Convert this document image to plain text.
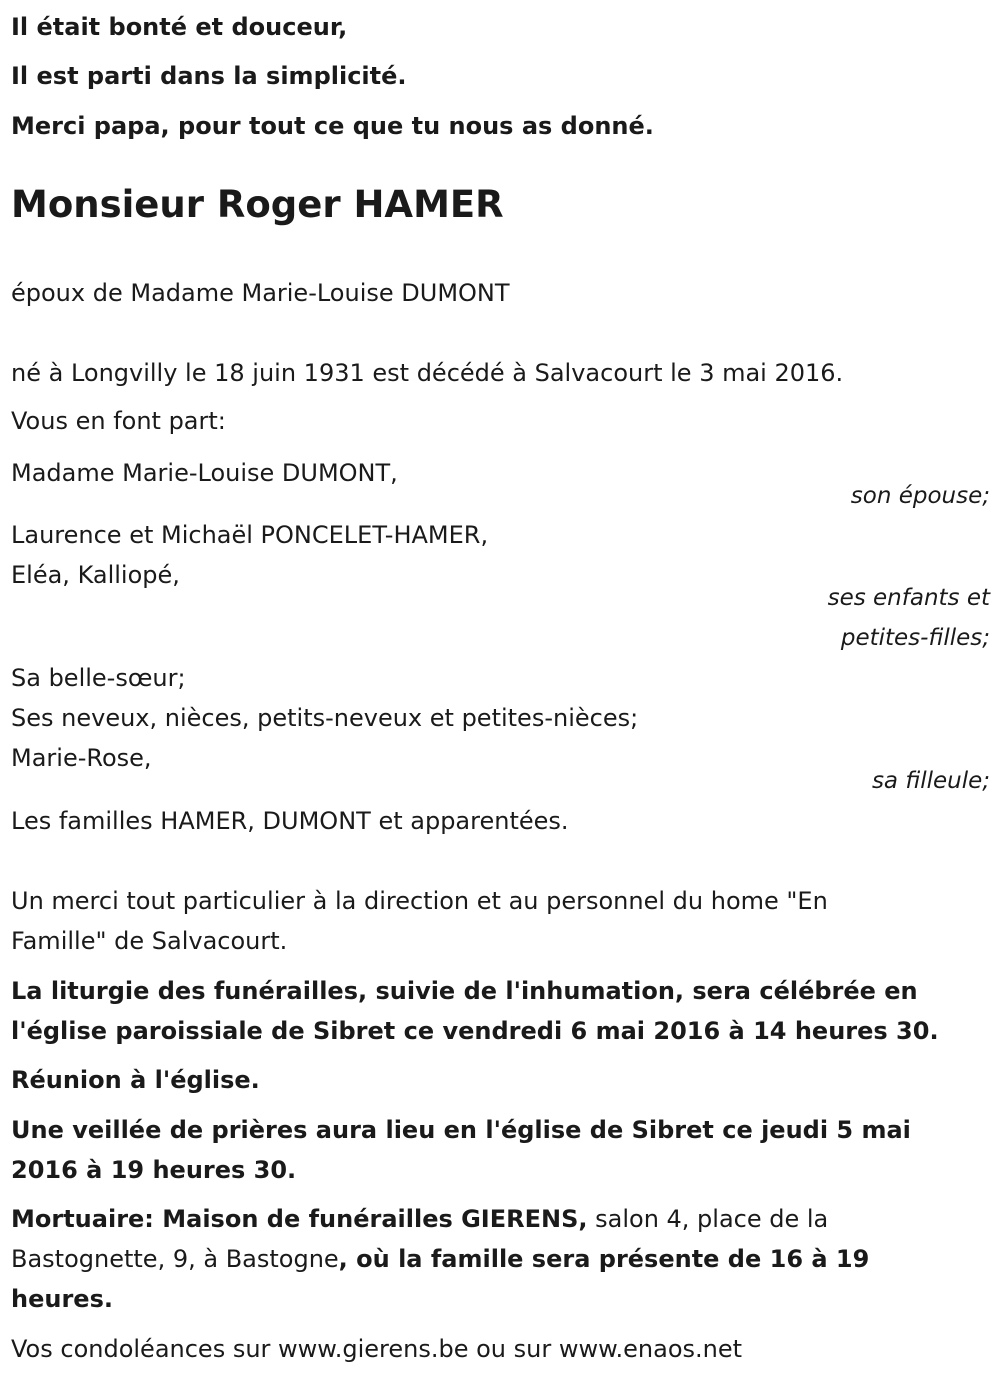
Il était bonté et douceur,
Il est parti dans la simplicité.
Merci papa, pour tout ce que tu nous as donné.
Monsieur Roger HAMER
époux de Madame Marie-Louise DUMONT
né à Longvilly le 18 juin 1931 est décédé à Salvacourt le 3 mai 2016.
Vous en font part:
Madame Marie-Louise DUMONT,
son épouse;
Laurence et Michaël PONCELET-HAMER,
Eléa, Kalliopé,
ses enfants et
petites-filles;
Sa belle-sœur;
Ses neveux, nièces, petits-neveux et petites-nièces;
Marie-Rose,
sa filleule;
Les familles HAMER, DUMONT et apparentées.
Un merci tout particulier à la direction et au personnel du home "En
Famille" de Salvacourt.
La liturgie des funérailles, suivie de l'inhumation, sera célébrée en
l'église paroissiale de Sibret ce vendredi 6 mai 2016 à 14 heures 30.
Réunion à l'église.
Une veillée de prières aura lieu en l'église de Sibret ce jeudi 5 mai
2016 à 19 heures 30.
Mortuaire: Maison de funérailles GIERENS, salon 4, place de la
Bastognette, 9, à Bastogne, où la famille sera présente de 16 à 19
heures.
Vos condoléances sur www.gierens.be ou sur www.enaos.net
